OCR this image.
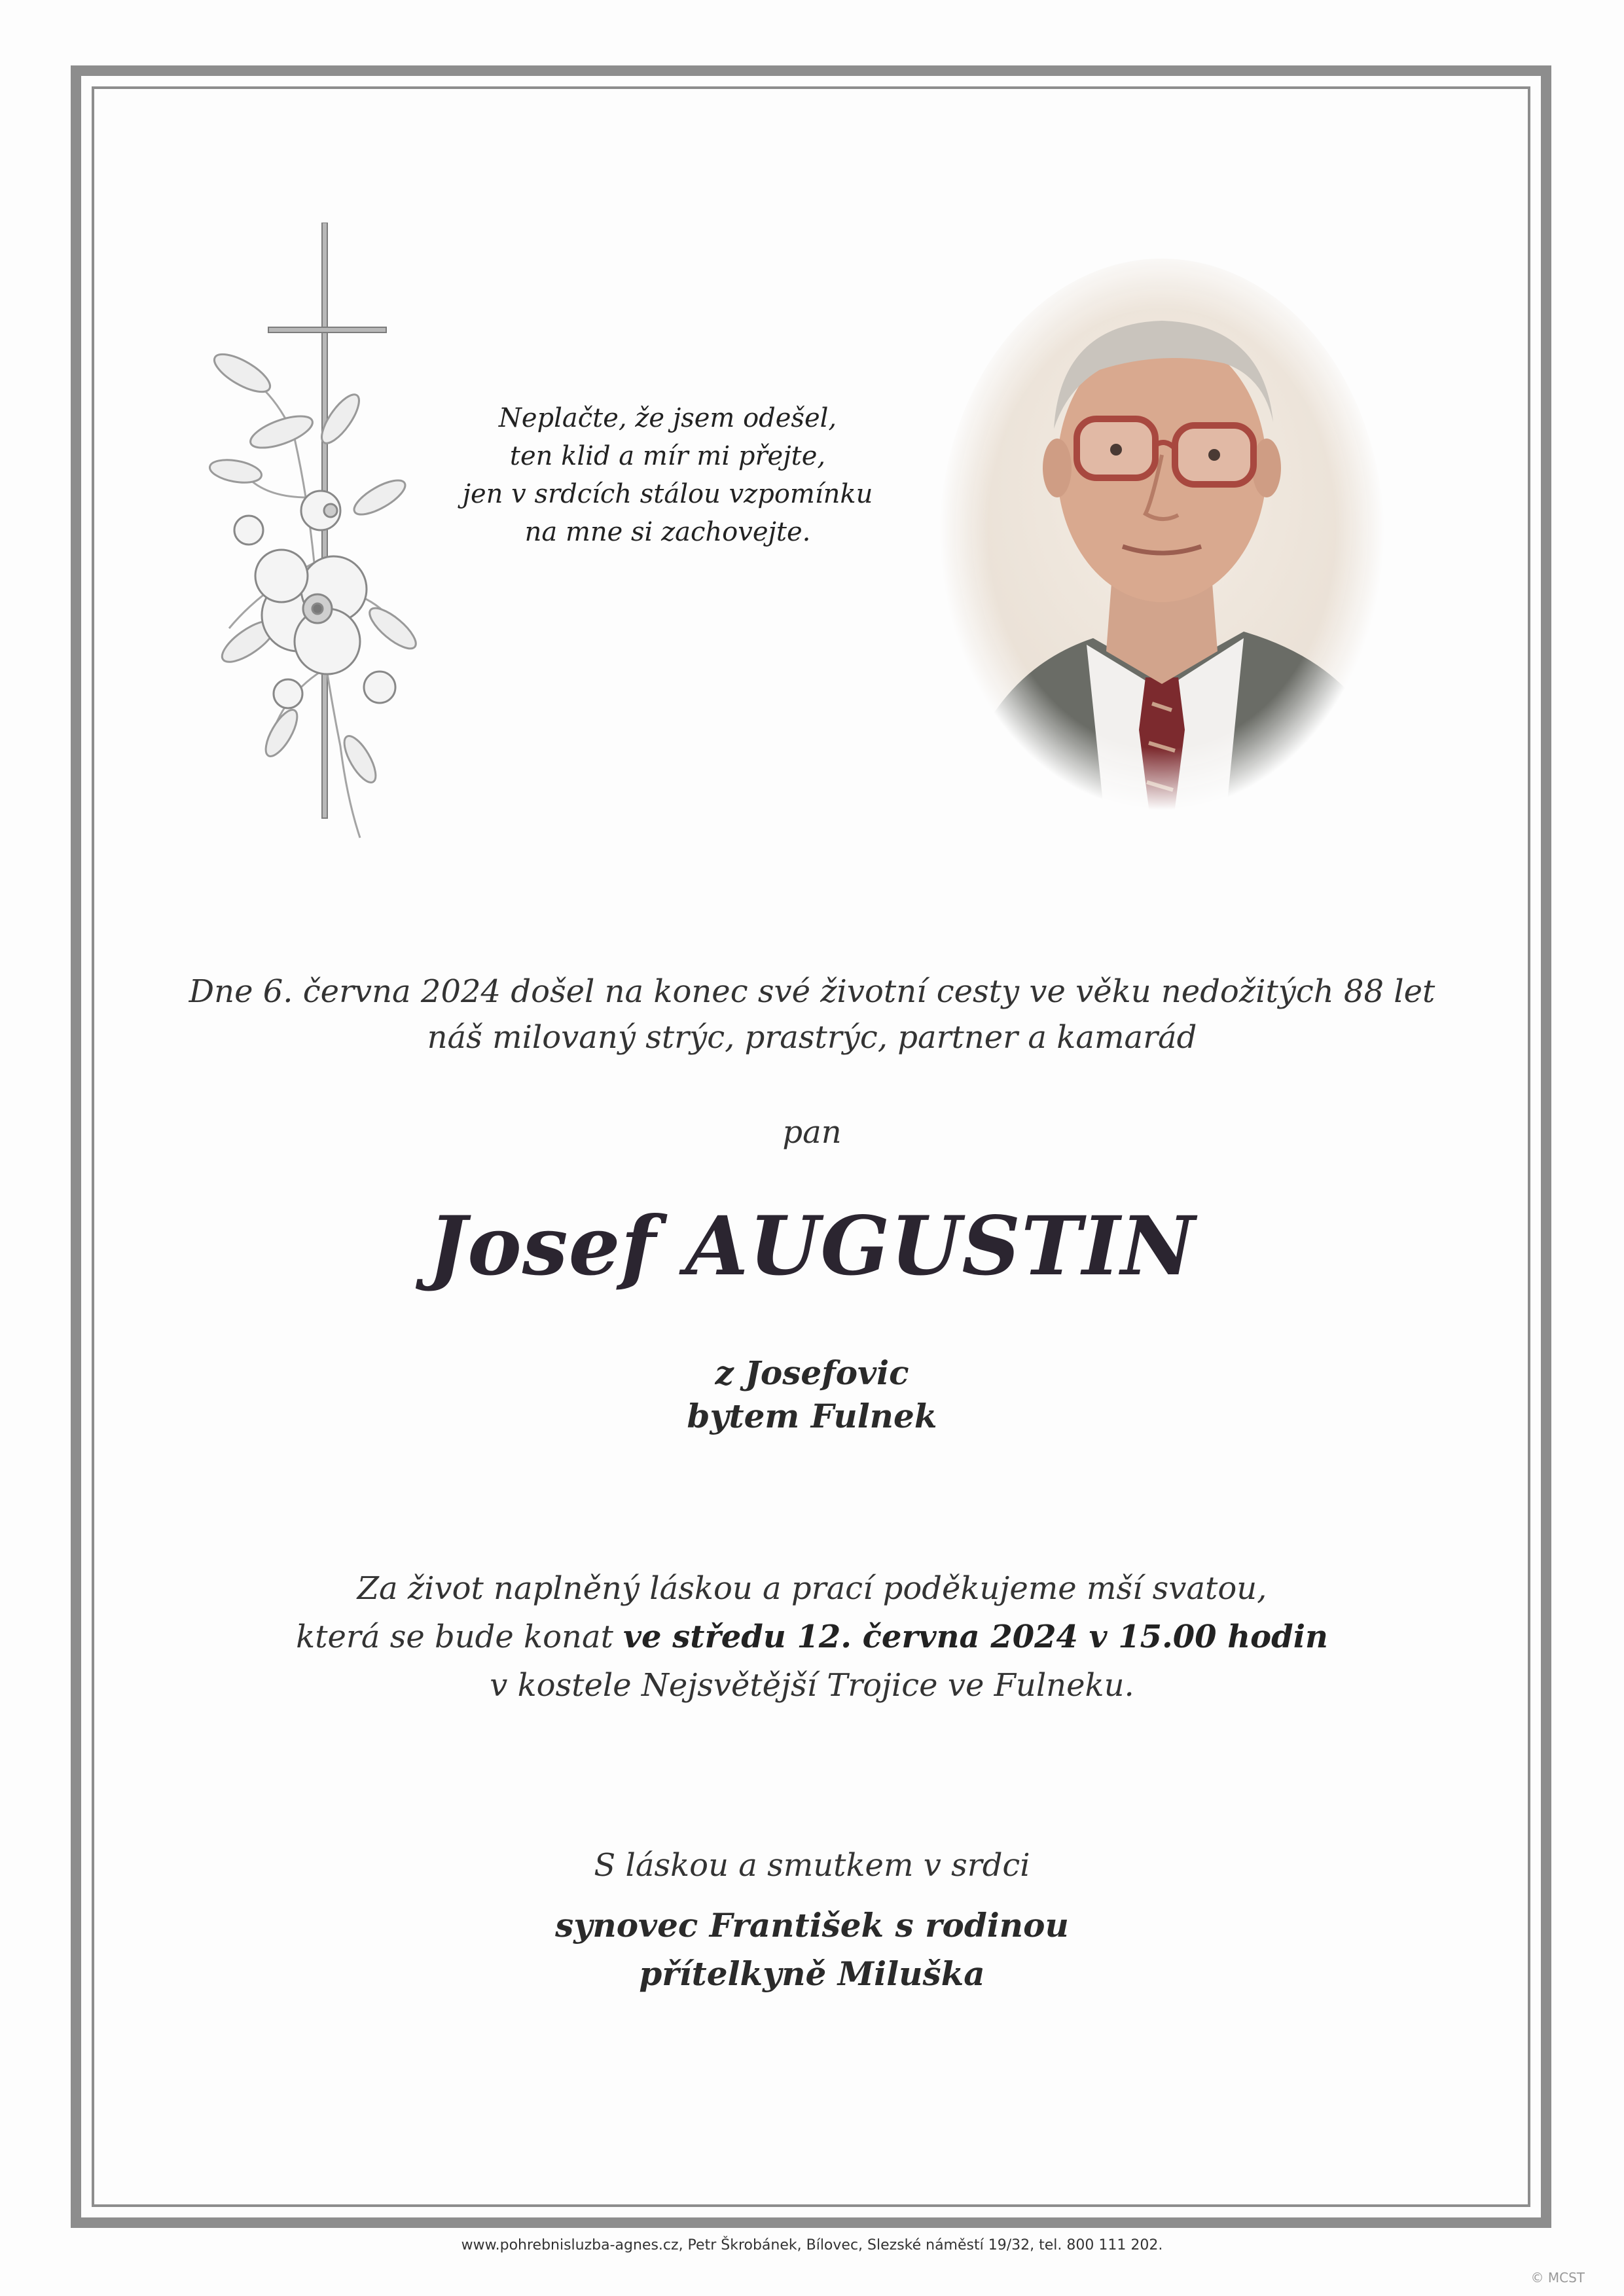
Neplačte, že jsem odešel,
ten klid a mír mi přejte,
jen v srdcích stálou vzpomínku
na mne si zachovejte.
Dne 6. června 2024 došel na konec své životní cesty ve věku nedožitých 88 let
náš milovaný strýc, prastrýc, partner a kamarád
pan
Josef AUGUSTIN
z Josefovic
bytem Fulnek
Za život naplněný láskou a prací poděkujeme mší svatou,
která se bude konat ve středu 12. června 2024 v 15.00 hodin
v kostele Nejsvětější Trojice ve Fulneku.
S láskou a smutkem v srdci
synovec František s rodinou
přítelkyně Miluška
www.pohrebnisluzba-agnes.cz, Petr Škrobánek, Bílovec, Slezské náměstí 19/32, tel. 800 111 202.
© MCST
